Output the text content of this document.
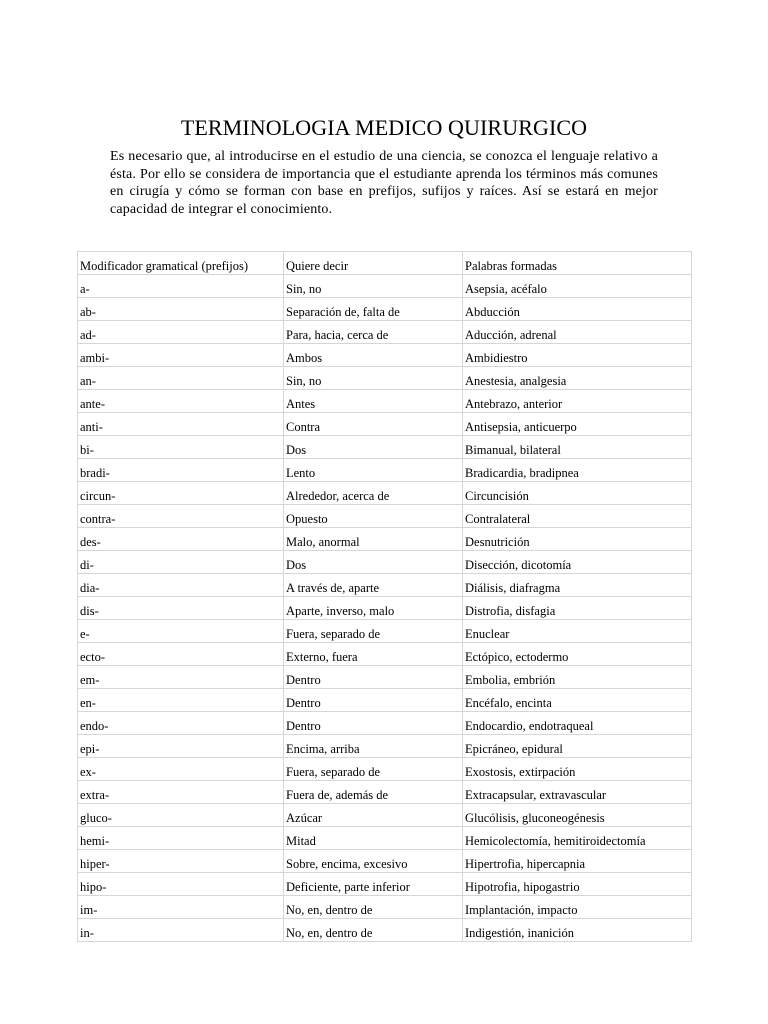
TERMINOLOGIA MEDICO QUIRURGICO

Es necesario que, al introducirse en el estudio de una ciencia, se conozca el lenguaje relativo a ésta. Por ello se considera de importancia que el estudiante aprenda los términos más comunes en cirugía y cómo se forman con base en prefijos, sufijos y raíces. Así se estará en mejor capacidad de integrar el conocimiento.

Modificador gramatical (prefijos)	Quiere decir	Palabras formadas
a-	Sin, no	Asepsia, acéfalo
ab-	Separación de, falta de	Abducción
ad-	Para, hacia, cerca de	Aducción, adrenal
ambi-	Ambos	Ambidiestro
an-	Sin, no	Anestesia, analgesia
ante-	Antes	Antebrazo, anterior
anti-	Contra	Antisepsia, anticuerpo
bi-	Dos	Bimanual, bilateral
bradi-	Lento	Bradicardia, bradipnea
circun-	Alrededor, acerca de	Circuncisión
contra-	Opuesto	Contralateral
des-	Malo, anormal	Desnutrición
di-	Dos	Disección, dicotomía
dia-	A través de, aparte	Diálisis, diafragma
dis-	Aparte, inverso, malo	Distrofia, disfagia
e-	Fuera, separado de	Enuclear
ecto-	Externo, fuera	Ectópico, ectodermo
em-	Dentro	Embolia, embrión
en-	Dentro	Encéfalo, encinta
endo-	Dentro	Endocardio, endotraqueal
epi-	Encima, arriba	Epicráneo, epidural
ex-	Fuera, separado de	Exostosis, extirpación
extra-	Fuera de, además de	Extracapsular, extravascular
gluco-	Azúcar	Glucólisis, gluconeogénesis
hemi-	Mitad	Hemicolectomía, hemitiroidectomía
hiper-	Sobre, encima, excesivo	Hipertrofia, hipercapnia
hipo-	Deficiente, parte inferior	Hipotrofia, hipogastrio
im-	No, en, dentro de	Implantación, impacto
in-	No, en, dentro de	Indigestión, inanición
